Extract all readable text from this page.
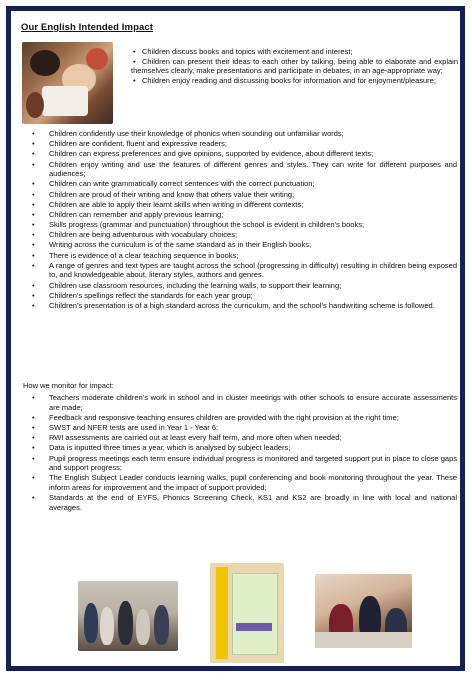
Our English Intended Impact
• Children discuss books and topics with excitement and interest;
• Children can present their ideas to each other by talking, being able to elaborate and explain themselves clearly, make presentations and participate in debates, in an age-appropriate way;
• Children enjoy reading and discussing books for information and for enjoyment/pleasure;
• Children confidently use their knowledge of phonics when sounding out unfamiliar words;
• Children are confident, fluent and expressive readers;
• Children can express preferences and give opinions, supported by evidence, about different texts;
• Children enjoy writing and use the features of different genres and styles. They can write for different purposes and audiences;
• Children can write grammatically correct sentences with the correct punctuation;
• Children are proud of their writing and know that others value their writing;
• Children are able to apply their learnt skills when writing in different contexts;
• Children can remember and apply previous learning;
• Skills progress (grammar and punctuation) throughout the school is evident in children’s books;
• Children are being adventurous with vocabulary choices;
• Writing across the curriculum is of the same standard as in their English books;
• There is evidence of a clear teaching sequence in books;
• A range of genres and text types are taught across the school (progressing in difficulty) resulting in children being exposed to, and knowledgeable about, literary styles, authors and genres.
• Children use classroom resources, including the learning walls, to support their learning;
• Children’s spellings reflect the standards for each year group;
• Children’s presentation is of a high standard across the curriculum, and the school’s handwriting scheme is followed.
How we monitor for impact:
• Teachers moderate children’s work in school and in cluster meetings with other schools to ensure accurate assessments are made;
• Feedback and responsive teaching ensures children are provided with the right provision at the right time;
• SWST and NFER tests are used in Year 1 - Year 6;
• RWI assessments are carried out at least every half term, and more often when needed;
• Data is inputted three times a year, which is analysed by subject leaders;
• Pupil progress meetings each term ensure individual progress is monitored and targeted support put in place to close gaps and support progress;
• The English Subject Leader conducts learning walks, pupil conferencing and book monitoring throughout the year. These inform areas for improvement and the impact of support provided;
• Standards at the end of EYFS, Phonics Screening Check, KS1 and KS2 are broadly in line with local and national averages.
